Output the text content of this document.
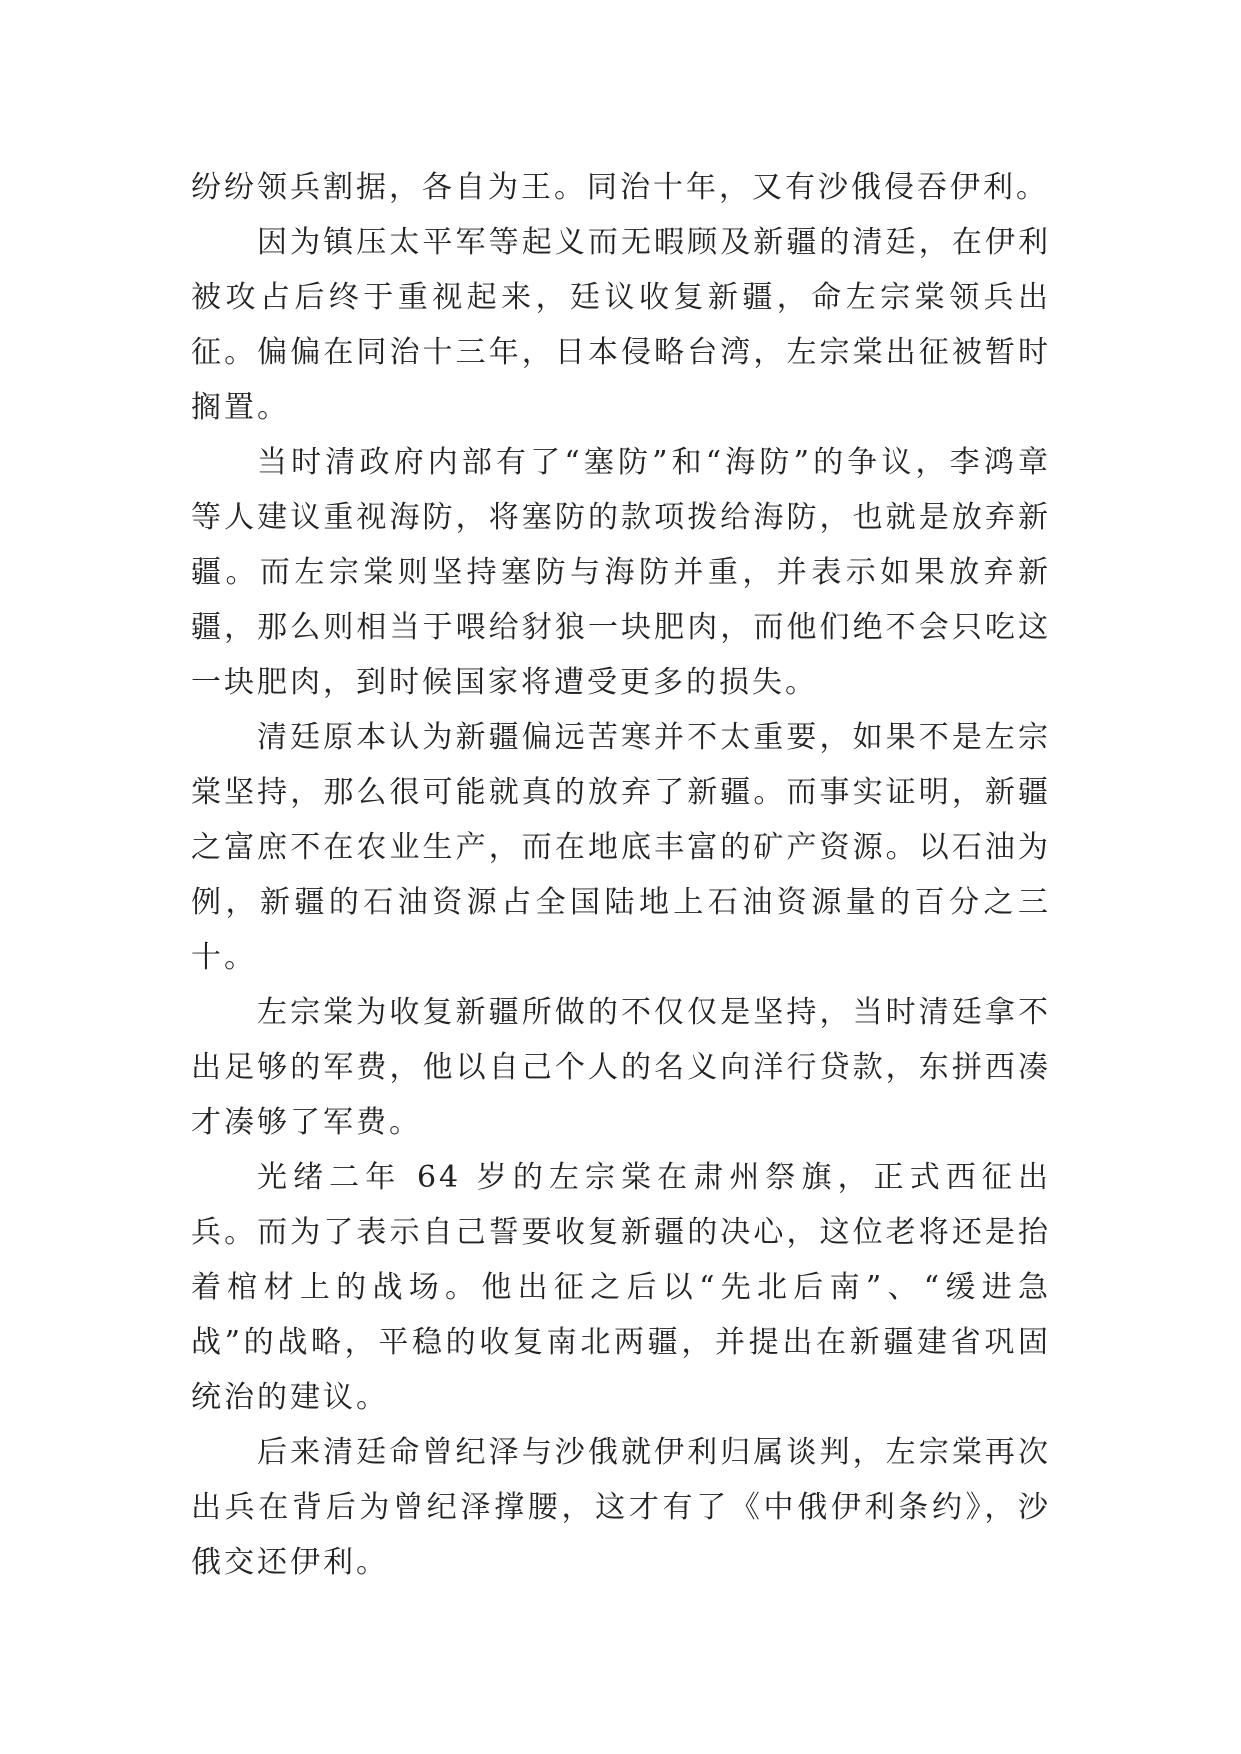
纷纷领兵割据，各自为王。同治十年，又有沙俄侵吞伊利。

因为镇压太平军等起义而无暇顾及新疆的清廷，在伊利被攻占后终于重视起来，廷议收复新疆，命左宗棠领兵出征。偏偏在同治十三年，日本侵略台湾，左宗棠出征被暂时搁置。

当时清政府内部有了“塞防”和“海防”的争议，李鸿章等人建议重视海防，将塞防的款项拨给海防，也就是放弃新疆。而左宗棠则坚持塞防与海防并重，并表示如果放弃新疆，那么则相当于喂给豺狼一块肥肉，而他们绝不会只吃这一块肥肉，到时候国家将遭受更多的损失。

清廷原本认为新疆偏远苦寒并不太重要，如果不是左宗棠坚持，那么很可能就真的放弃了新疆。而事实证明，新疆之富庶不在农业生产，而在地底丰富的矿产资源。以石油为例，新疆的石油资源占全国陆地上石油资源量的百分之三十。

左宗棠为收复新疆所做的不仅仅是坚持，当时清廷拿不出足够的军费，他以自己个人的名义向洋行贷款，东拼西凑才凑够了军费。

光绪二年 64 岁的左宗棠在肃州祭旗，正式西征出兵。而为了表示自己誓要收复新疆的决心，这位老将还是抬着棺材上的战场。他出征之后以“先北后南”、“缓进急战”的战略，平稳的收复南北两疆，并提出在新疆建省巩固统治的建议。

后来清廷命曾纪泽与沙俄就伊利归属谈判，左宗棠再次出兵在背后为曾纪泽撑腰，这才有了《中俄伊利条约》，沙俄交还伊利。
